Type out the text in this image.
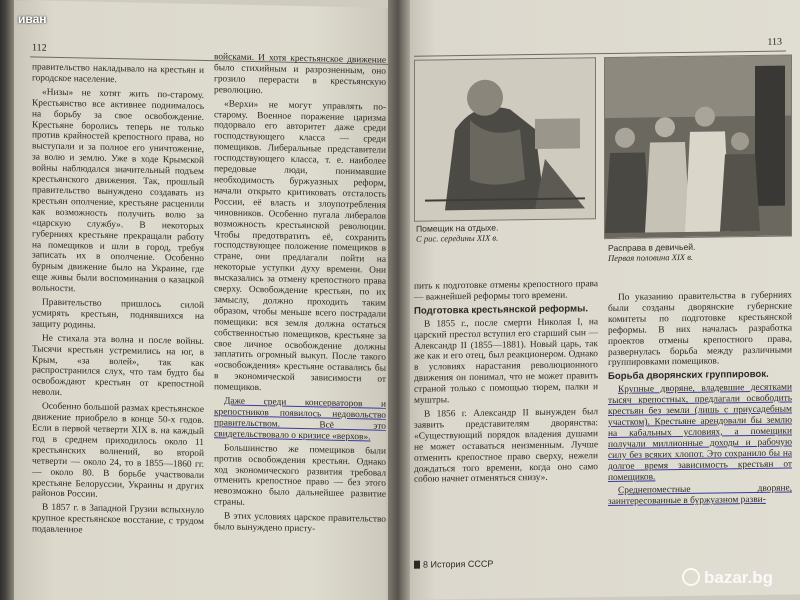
112

правительство накладывало на крестьян и городское население.

«Низы» не хотят жить по-старому. Крестьянство все активнее поднималось на борьбу за свое освобождение. Крестьяне боролись теперь не только против крайностей крепостного права, но выступали и за полное его уничтожение, за волю и землю. Уже в ходе Крымской войны наблюдался значительный подъем крестьянского движения. Так, прошлый правительство вынуждено создавать из крестьян ополчение, крестьяне расценили как возможность получить волю за «царскую службу». В некоторых губерниях крестьяне прекращали работу на помещиков и шли в город, требуя записать их в ополчение. Особенно бурным движение было на Украине, где еще живы были воспоминания о казацкой вольности.

Правительство пришлось силой усмирять крестьян, поднявшихся на защиту родины.

Не стихала эта волна и после войны. Тысячи крестьян устремились на юг, в Крым, «за волей», так как распространился слух, что там будто бы освобождают крестьян от крепостной неволи.

Особенно большой размах крестьянское движение приобрело в конце 50-х годов. Если в первой четверти XIX в. на каждый год в среднем приходилось около 11 крестьянских волнений, во второй четверти — около 24, то в 1855—1860 гг. — около 80. В борьбе участвовали крестьяне Белоруссии, Украины и других районов России.

В 1857 г. в Западной Грузии вспыхнуло крупное крестьянское восстание, с трудом подавленное

войсками. И хотя крестьянское движение было стихийным и разрозненным, оно грозило перерасти в крестьянскую революцию.

«Верхи» не могут управлять по-старому. Военное поражение царизма подорвало его авторитет даже среди господствующего класса — среди помещиков. Либеральные представители господствующего класса, т. е. наиболее передовые люди, понимавшие необходимость буржуазных реформ, начали открыто критиковать отсталость России, её власть и злоупотребления чиновников. Особенно пугала либералов возможность крестьянской революции. Чтобы предотвратить её, сохранить господствующее положение помещиков в стране, они предлагали пойти на некоторые уступки духу времени. Они высказались за отмену крепостного права сверху. Освобождение крестьян, по их замыслу, должно проходить таким образом, чтобы меньше всего пострадали помещики: вся земля должна остаться собственностью помещиков, крестьяне за свое личное освобождение должны заплатить огромный выкуп. После такого «освобождения» крестьяне оставались бы в экономической зависимости от помещиков.

Даже среди консерваторов и крепостников появилось недовольство правительством. Всё это свидетельствовало о кризисе «верхов».

Большинство же помещиков были против освобождения крестьян. Однако ход экономического развития требовал отменить крепостное право — без этого невозможно было дальнейшее развитие страны.

В этих условиях царское правительство было вынуждено присту-

113
Помещик на отдыхе.
С рис. середины XIX в.
Расправа в девичьей.
Первая половина XIX в.

пить к подготовке отмены крепостного права — важнейшей реформы того времени.

Подготовка крестьянской реформы.

В 1855 г., после смерти Николая I, на царский престол вступил его старший сын — Александр II (1855—1881). Новый царь, так же как и его отец, был реакционером. Однако в условиях нарастания революционного движения он понимал, что не может править страной только с помощью тюрем, палки и муштры.

В 1856 г. Александр II вынужден был заявить представителям дворянства: «Существующий порядок владения душами не может оставаться неизменным. Лучше отменить крепостное право сверху, нежели дождаться того времени, когда оно само собою начнет отменяться снизу».

По указанию правительства в губерниях были созданы дворянские губернские комитеты по подготовке крестьянской реформы. В них началась разработка проектов отмены крепостного права, развернулась борьба между различными группировками помещиков.

Борьба дворянских группировок.

Крупные дворяне, владевшие десятками тысяч крепостных, предлагали освободить крестьян без земли (лишь с приусадебным участком). Крестьяне арендовали бы землю на кабальных условиях, а помещики получали миллионные доходы и рабочую силу без всяких хлопот. Это сохранило бы на долгое время зависимость крестьян от помещиков.

Среднепоместные дворяне, заинтересованные в буржуазном разви-

8 История СССР
иван
bazar.bg
